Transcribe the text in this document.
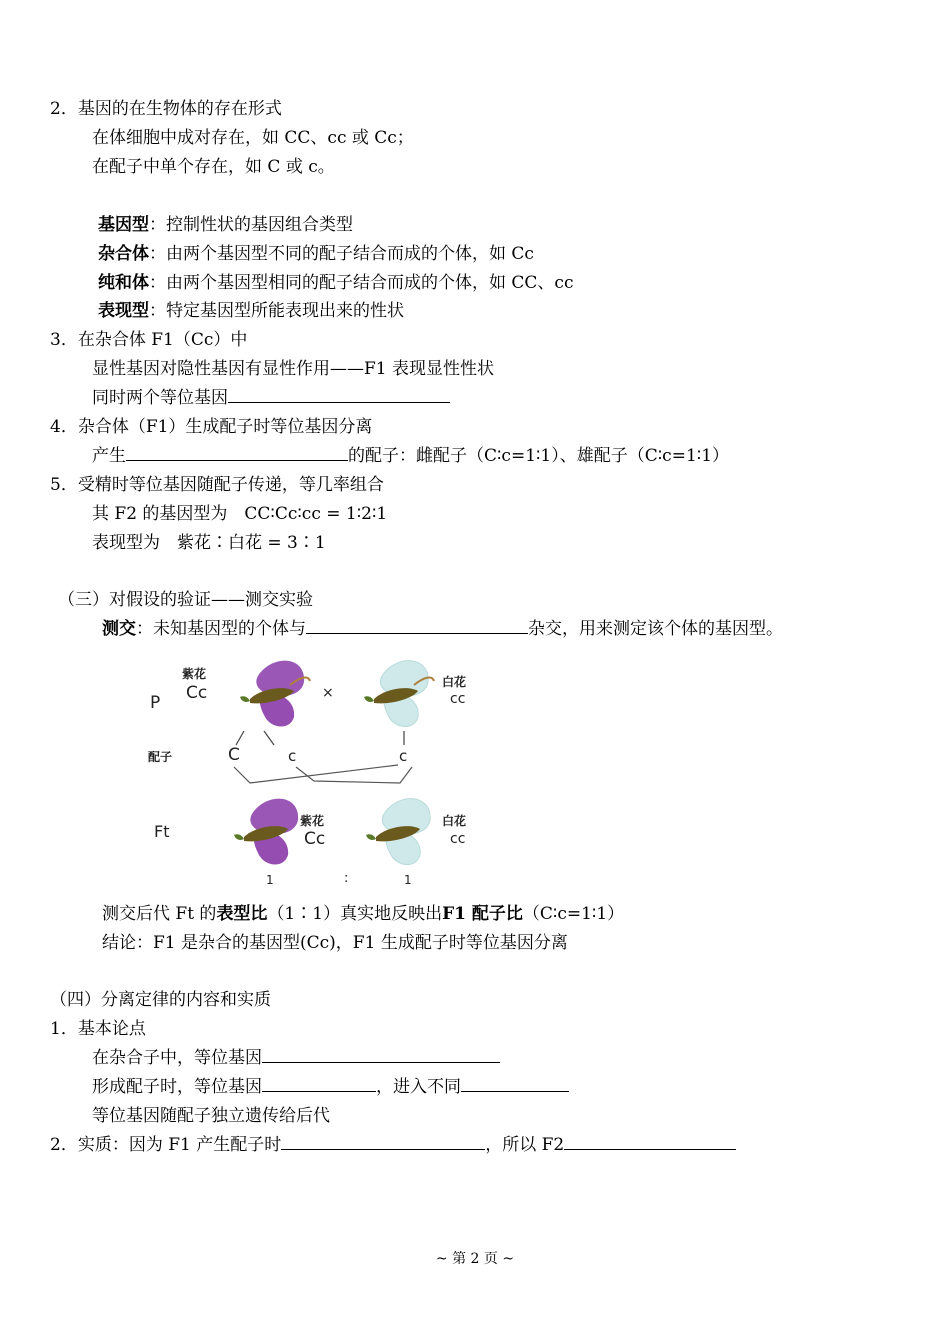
2．基因的在生物体的存在形式
在体细胞中成对存在，如 CC、cc 或 Cc；
在配子中单个存在，如 C 或 c。
基因型：控制性状的基因组合类型
杂合体：由两个基因型不同的配子结合而成的个体，如 Cc
纯和体：由两个基因型相同的配子结合而成的个体，如 CC、cc
表现型：特定基因型所能表现出来的性状
3．在杂合体 F1（Cc）中
显性基因对隐性基因有显性作用——F1 表现显性性状
同时两个等位基因
4．杂合体（F1）生成配子时等位基因分离
产生	的配子：雌配子（C∶c=1∶1）、雄配子（C∶c=1∶1）
5．受精时等位基因随配子传递，等几率组合
其 F2 的基因型为　CC∶Cc∶cc = 1∶2∶1
表现型为　紫花∶白花 = 3∶1
（三）对假设的验证——测交实验
测交：未知基因型的个体与	杂交，用来测定该个体的基因型。
P
紫花
Cc	×
白花
cc
配子	C	c	c
Ft
紫花
Cc
白花
cc
1	:	1
测交后代 Ft 的表型比（1∶1）真实地反映出F1 配子比（C∶c=1∶1）
结论：F1 是杂合的基因型(Cc)，F1 生成配子时等位基因分离
（四）分离定律的内容和实质
1．基本论点
在杂合子中，等位基因
形成配子时，等位基因	，进入不同
等位基因随配子独立遗传给后代
2．实质：因为 F1 产生配子时	，所以 F2
~ 第 2 页 ~
